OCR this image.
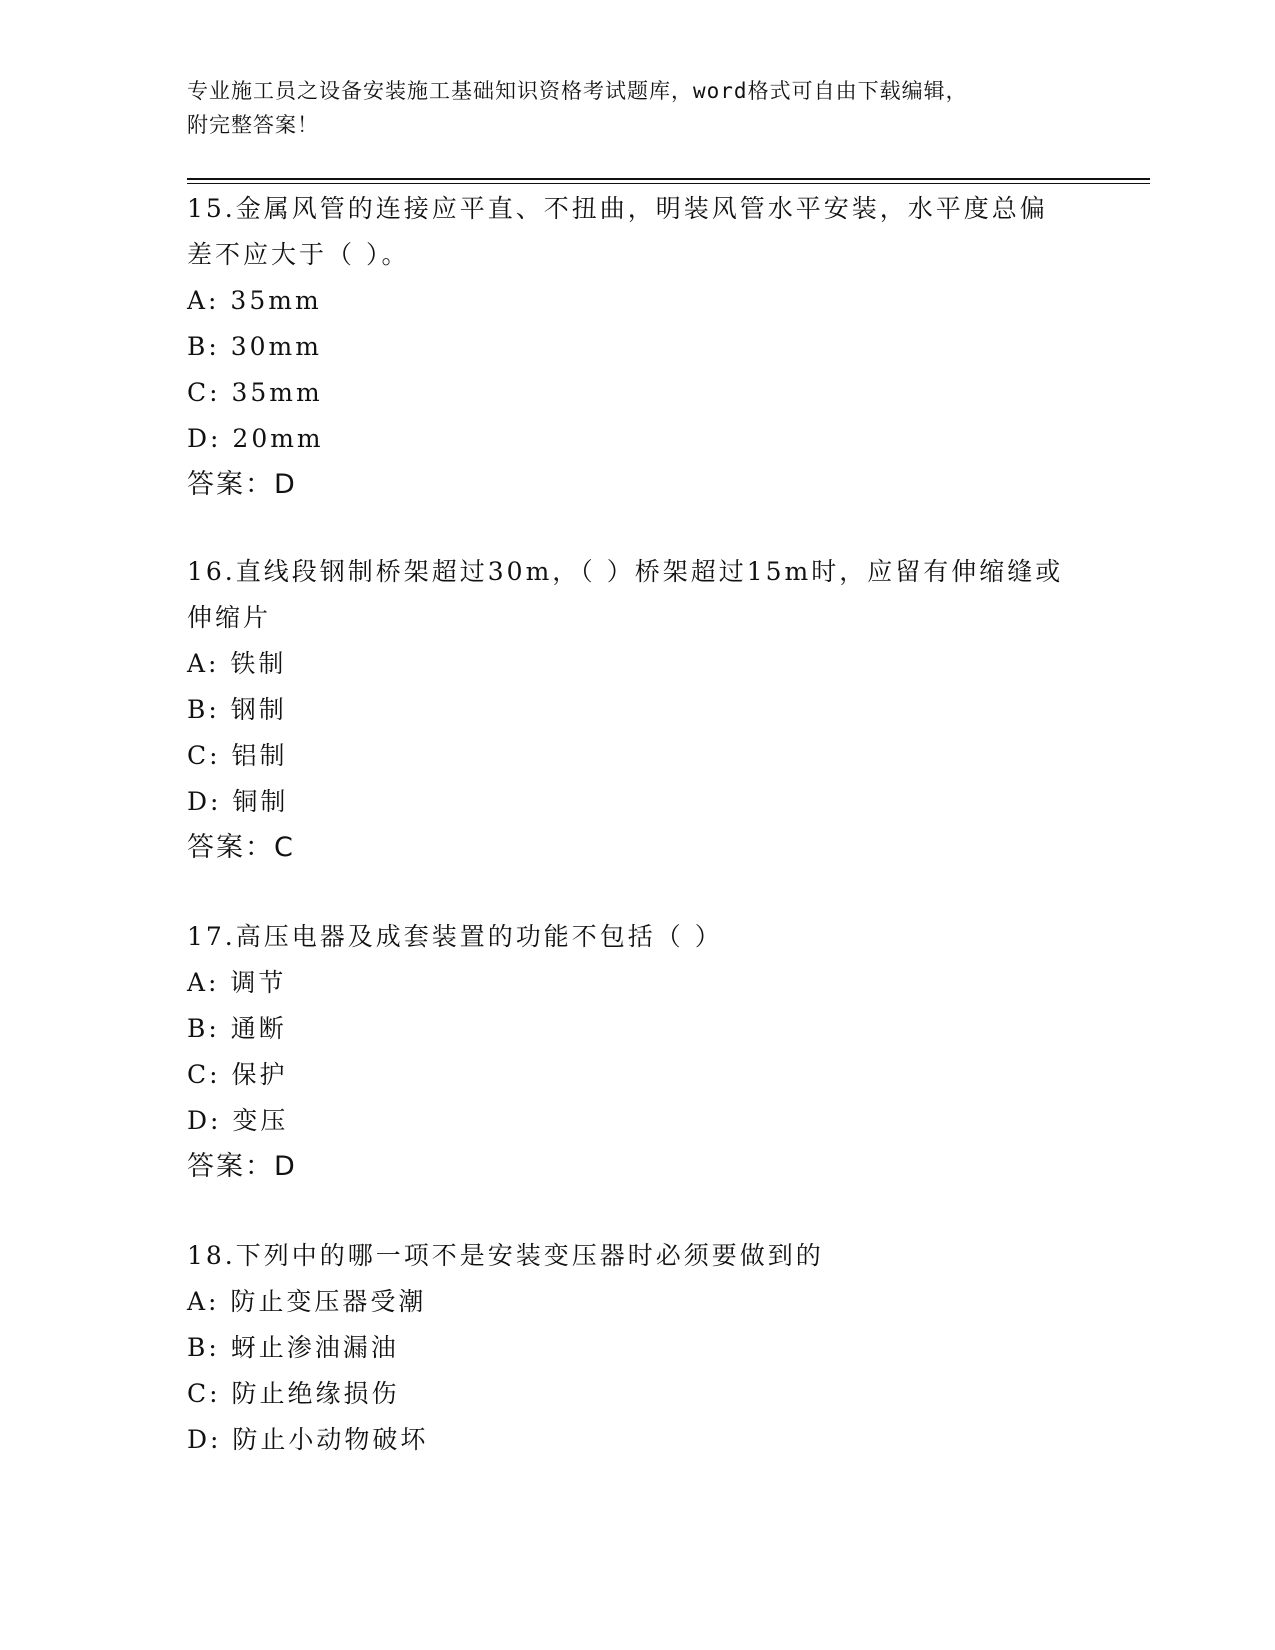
专业施工员之设备安装施工基础知识资格考试题库，word格式可自由下载编辑，
附完整答案！
15.金属风管的连接应平直、不扭曲，明装风管水平安装，水平度总偏
差不应大于（ ）。
A: 35mm
B: 30mm
C: 35mm
D: 20mm
答案：D
16.直线段钢制桥架超过30m，（ ）桥架超过15m时，应留有伸缩缝或
伸缩片
A: 铁制
B: 钢制
C: 铝制
D: 铜制
答案：C
17.高压电器及成套装置的功能不包括（ ）
A: 调节
B: 通断
C: 保护
D: 变压
答案：D
18.下列中的哪一项不是安装变压器时必须要做到的
A: 防止变压器受潮
B: 蚜止渗油漏油
C: 防止绝缘损伤
D: 防止小动物破坏
